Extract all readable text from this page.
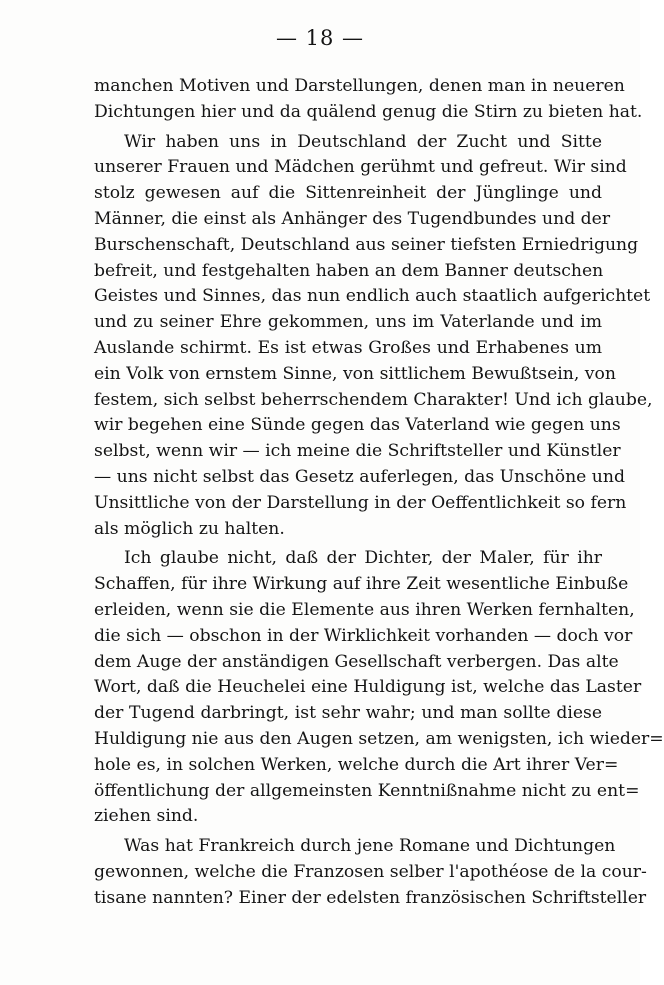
— 18 —
manchen Motiven und Darstellungen, denen man in neueren
Dichtungen hier und da quälend genug die Stirn zu bieten hat.
Wir haben uns in Deutschland der Zucht und Sitte
unserer Frauen und Mädchen gerühmt und gefreut. Wir sind
stolz gewesen auf die Sittenreinheit der Jünglinge und
Männer, die einst als Anhänger des Tugendbundes und der
Burschenschaft, Deutschland aus seiner tiefsten Erniedrigung
befreit, und festgehalten haben an dem Banner deutschen
Geistes und Sinnes, das nun endlich auch staatlich aufgerichtet
und zu seiner Ehre gekommen, uns im Vaterlande und im
Auslande schirmt. Es ist etwas Großes und Erhabenes um
ein Volk von ernstem Sinne, von sittlichem Bewußtsein, von
festem, sich selbst beherrschendem Charakter! Und ich glaube,
wir begehen eine Sünde gegen das Vaterland wie gegen uns
selbst, wenn wir — ich meine die Schriftsteller und Künstler
— uns nicht selbst das Gesetz auferlegen, das Unschöne und
Unsittliche von der Darstellung in der Oeffentlichkeit so fern
als möglich zu halten.
Ich glaube nicht, daß der Dichter, der Maler, für ihr
Schaffen, für ihre Wirkung auf ihre Zeit wesentliche Einbuße
erleiden, wenn sie die Elemente aus ihren Werken fernhalten,
die sich — obschon in der Wirklichkeit vorhanden — doch vor
dem Auge der anständigen Gesellschaft verbergen. Das alte
Wort, daß die Heuchelei eine Huldigung ist, welche das Laster
der Tugend darbringt, ist sehr wahr; und man sollte diese
Huldigung nie aus den Augen setzen, am wenigsten, ich wieder=
hole es, in solchen Werken, welche durch die Art ihrer Ver=
öffentlichung der allgemeinsten Kenntnißnahme nicht zu ent=
ziehen sind.
Was hat Frankreich durch jene Romane und Dichtungen
gewonnen, welche die Franzosen selber l'apothéose de la cour-
tisane nannten? Einer der edelsten französischen Schriftsteller
